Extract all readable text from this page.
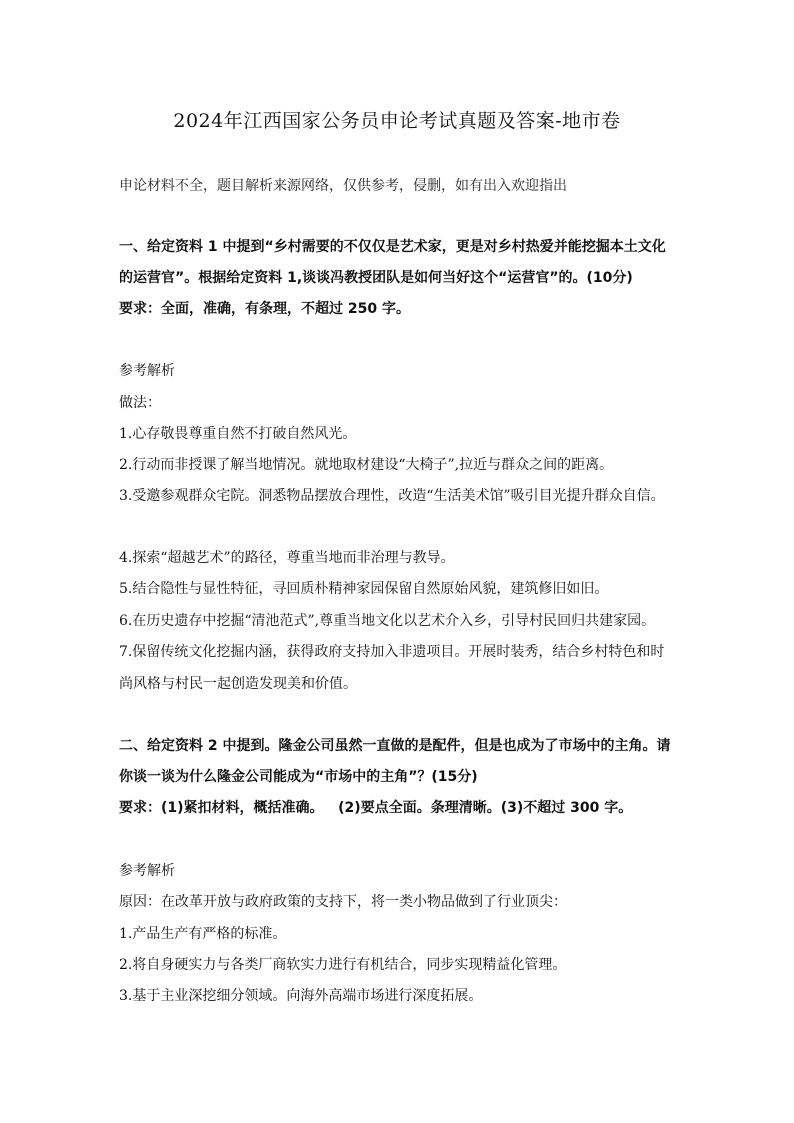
2024年江西国家公务员申论考试真题及答案-地市卷
申论材料不全，题目解析来源网络，仅供参考，侵删，如有出入欢迎指出
一、给定资料 1 中提到“乡村需要的不仅仅是艺术家，更是对乡村热爱并能挖掘本土文化
的运营官”。根据给定资料 1,谈谈冯教授团队是如何当好这个“运营官”的。(10分)
要求：全面，准确，有条理，不超过 250 字。
参考解析
做法：
1.心存敬畏尊重自然不打破自然风光。
2.行动而非授课了解当地情况。就地取材建设“大椅子”,拉近与群众之间的距离。
3.受邀参观群众宅院。洞悉物品摆放合理性，改造“生活美术馆”吸引目光提升群众自信。
4.探索“超越艺术”的路径，尊重当地而非治理与教导。
5.结合隐性与显性特征，寻回质朴精神家园保留自然原始风貌，建筑修旧如旧。
6.在历史遗存中挖掘“清池范式”,尊重当地文化以艺术介入乡，引导村民回归共建家园。
7.保留传统文化挖掘内涵，获得政府支持加入非遗项目。开展时装秀，结合乡村特色和时
尚风格与村民一起创造发现美和价值。
二、给定资料 2 中提到。隆金公司虽然一直做的是配件，但是也成为了市场中的主角。请
你谈一谈为什么隆金公司能成为“市场中的主角”？(15分)
要求：(1)紧扣材料，概括准确。   (2)要点全面。条理清晰。(3)不超过 300 字。
参考解析
原因：在改革开放与政府政策的支持下，将一类小物品做到了行业顶尖：
1.产品生产有严格的标准。
2.将自身硬实力与各类厂商软实力进行有机结合，同步实现精益化管理。
3.基于主业深挖细分领域。向海外高端市场进行深度拓展。
